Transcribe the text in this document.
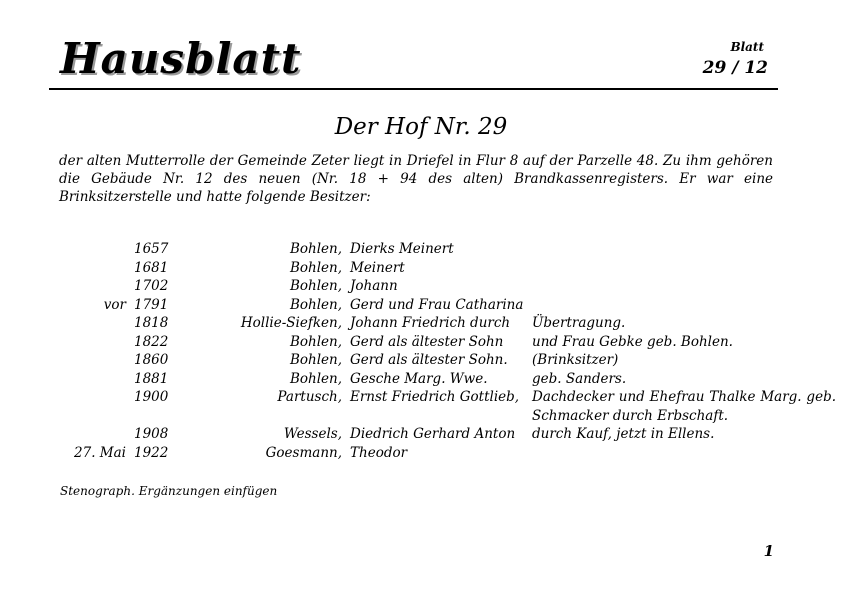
Hausblatt	Blatt
29 / 12
Der Hof Nr. 29
der alten Mutterrolle der Gemeinde Zeter liegt in Driefel in Flur 8 auf der Parzelle 48. Zu ihm gehören die Gebäude Nr. 12 des neuen (Nr. 18 + 94 des alten) Brandkassenregisters. Er war eine Brinksitzerstelle und hatte folgende Besitzer:
	1657	Bohlen,	Dierks Meinert	
	1681	Bohlen,	Meinert	
	1702	Bohlen,	Johann	
vor	1791	Bohlen,	Gerd und Frau Catharina	
	1818	Hollie-Siefken,	Johann Friedrich durch	Übertragung.
	1822	Bohlen,	Gerd als ältester Sohn	und Frau Gebke geb. Bohlen.
	1860	Bohlen,	Gerd als ältester Sohn.	(Brinksitzer)
	1881	Bohlen,	Gesche Marg. Wwe.	geb. Sanders.
	1900	Partusch,	Ernst Friedrich Gottlieb,	Dachdecker und Ehefrau Thalke Marg. geb. Schmacker durch Erbschaft.
	1908	Wessels,	Diedrich Gerhard Anton	durch Kauf, jetzt in Ellens.
27. Mai	1922	Goesmann,	Theodor	
Stenograph. Ergänzungen einfügen
1
